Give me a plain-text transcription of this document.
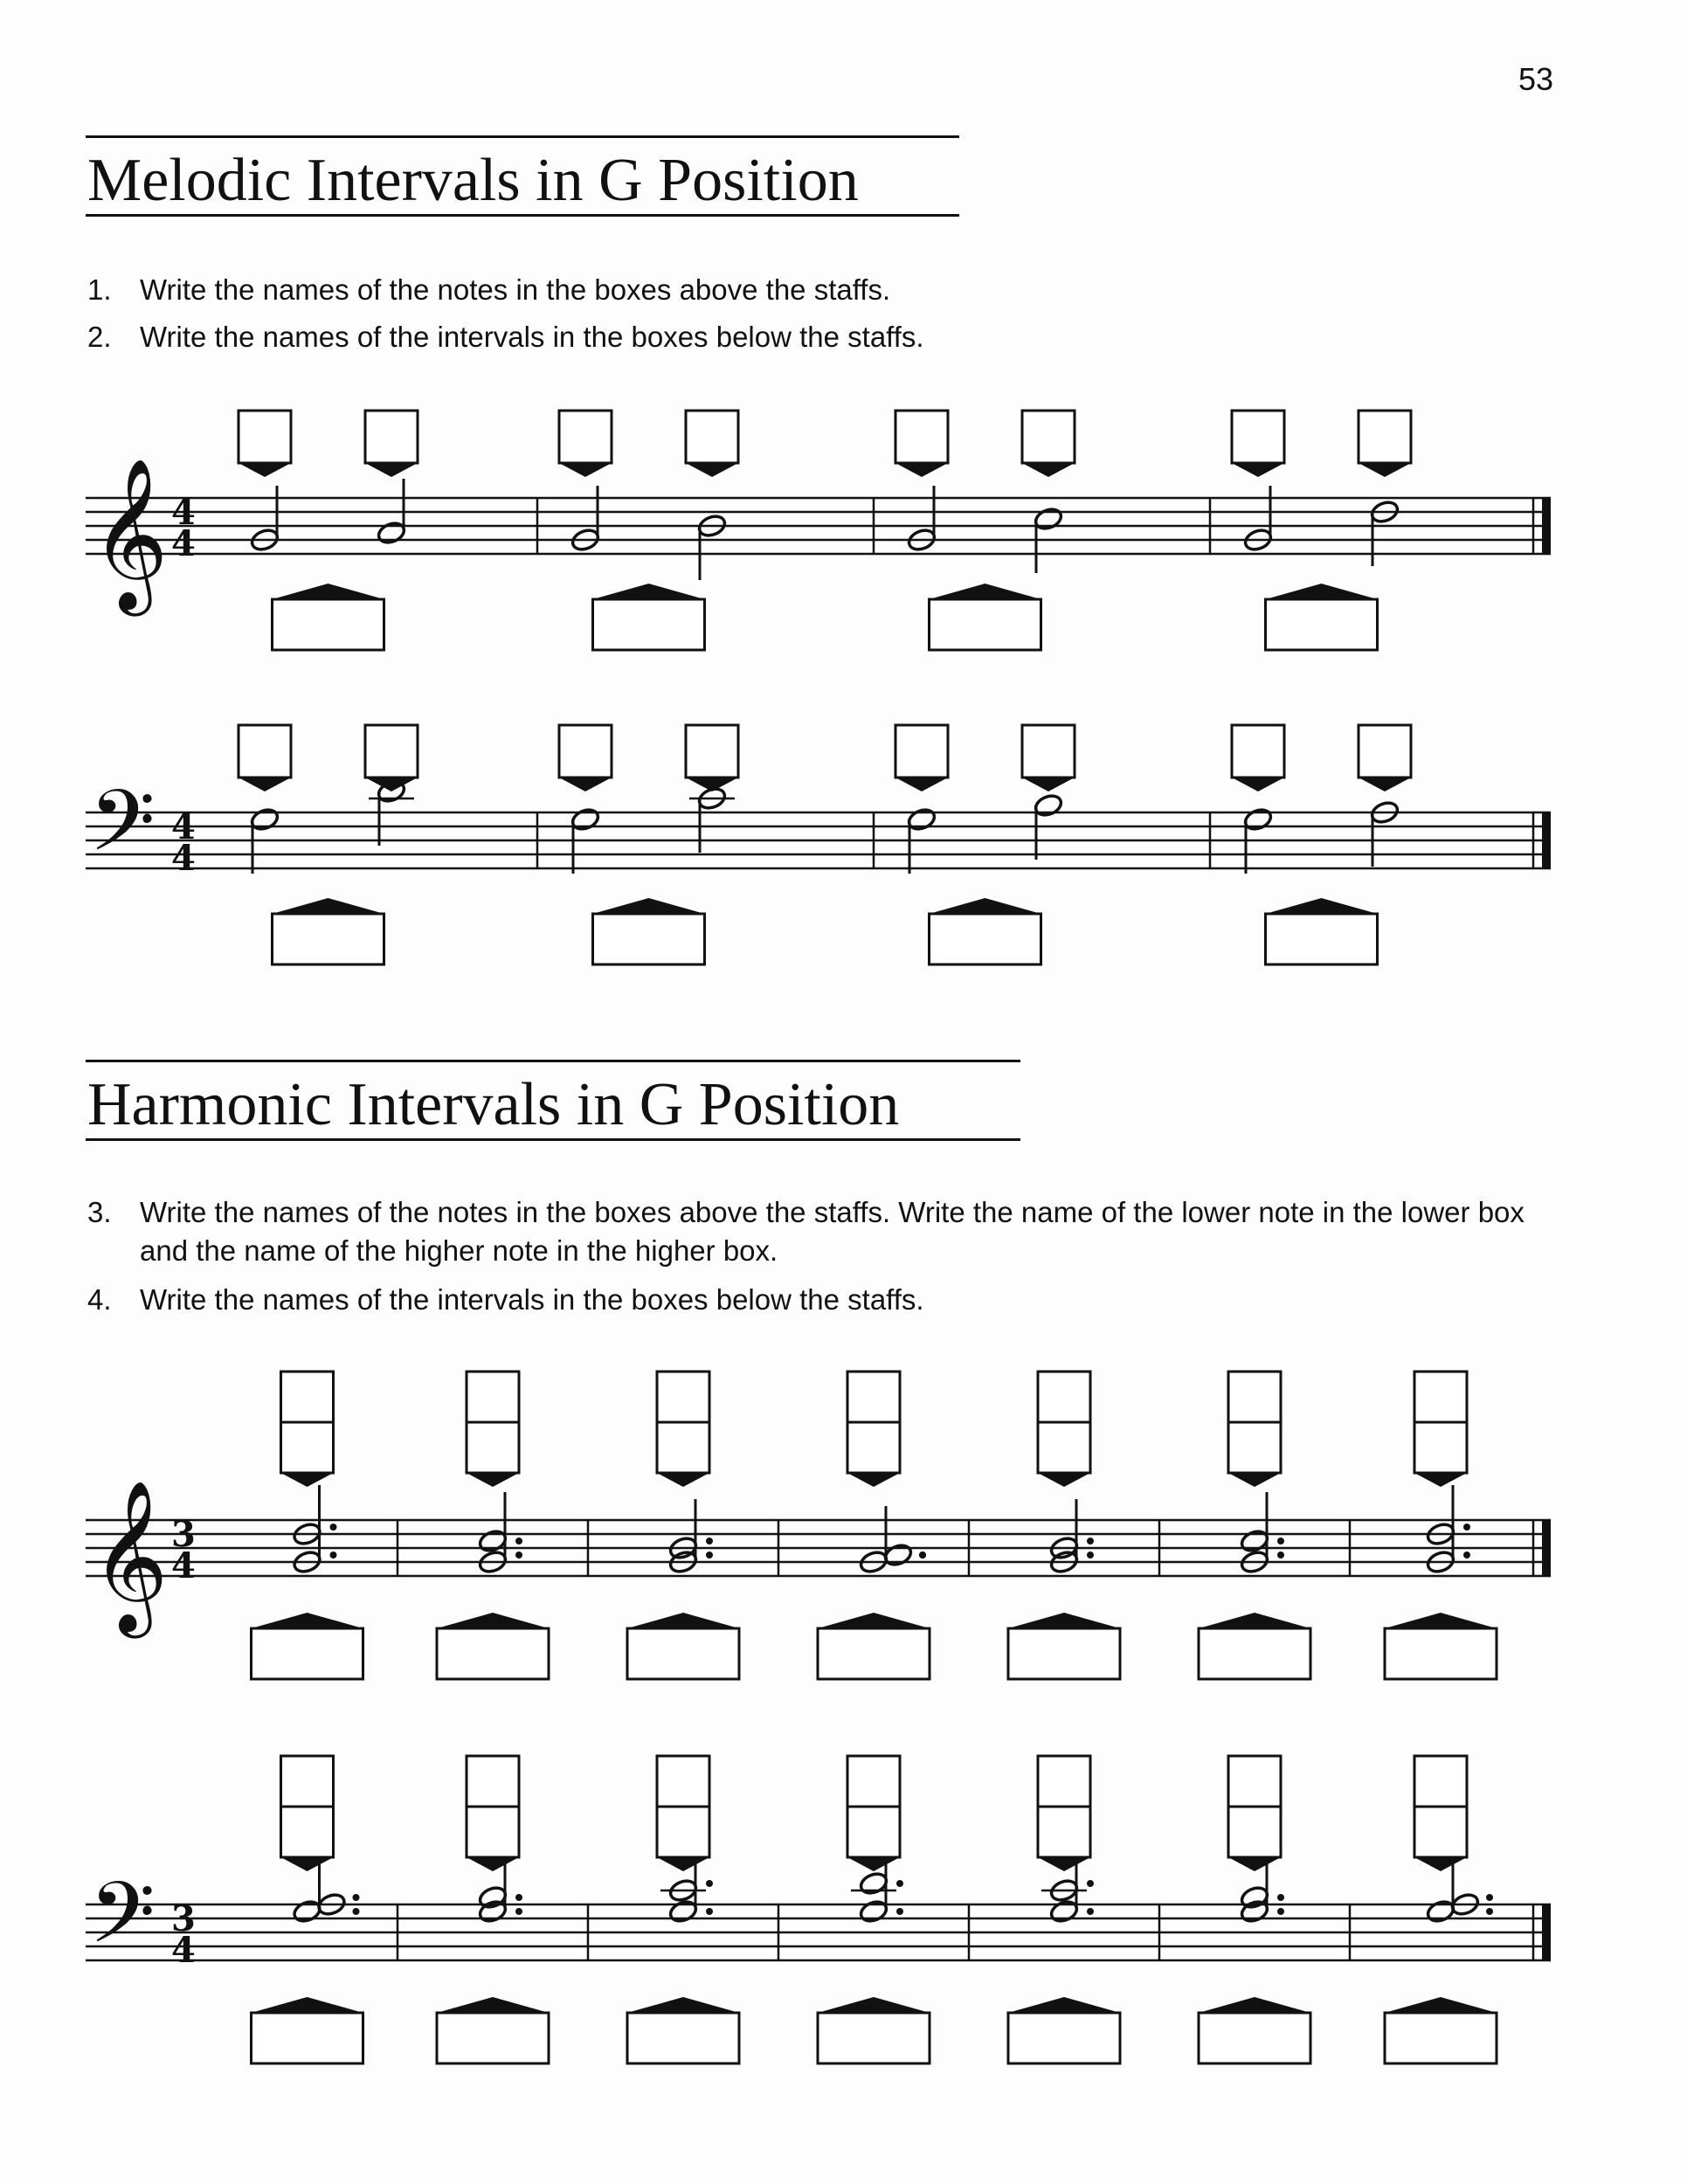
53
Melodic Intervals in G Position
1. Write the names of the notes in the boxes above the staffs.
2. Write the names of the intervals in the boxes below the staffs.
𝄞 4
4
𝄢 4
4
Harmonic Intervals in G Position
3. Write the names of the notes in the boxes above the staffs. Write the name of the lower note in the lower box and the name of the higher note in the higher box.
4. Write the names of the intervals in the boxes below the staffs.
𝄞 3
4
𝄢 3
4
